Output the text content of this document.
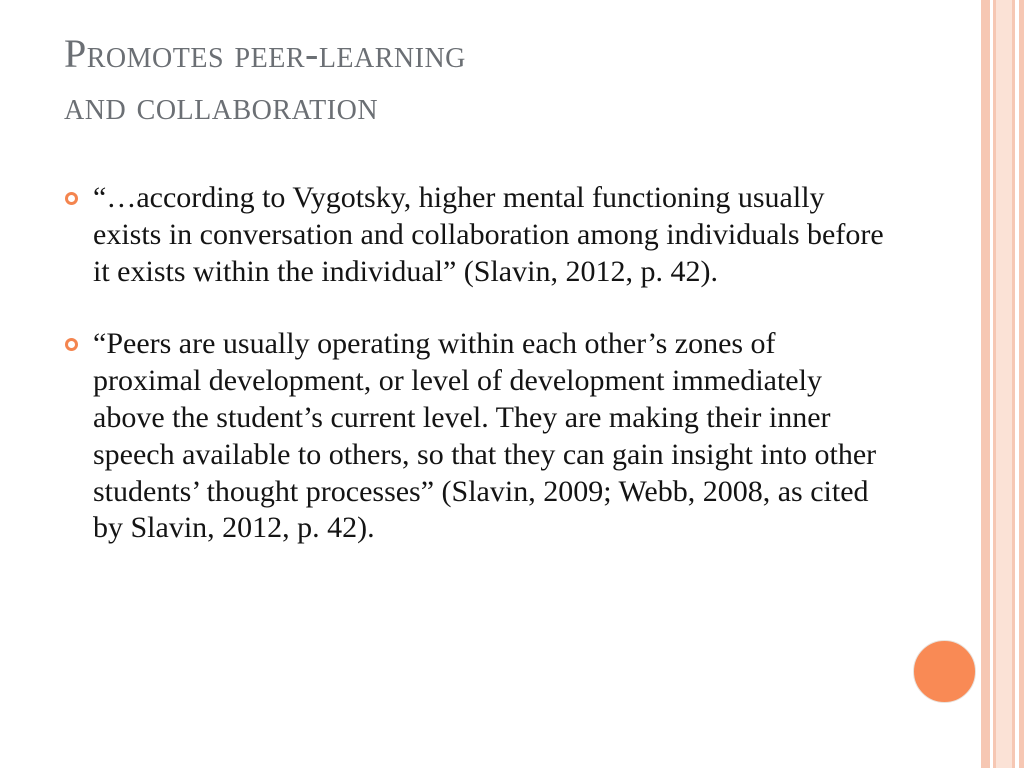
Promotes peer-learning
and collaboration
“…according to Vygotsky, higher mental functioning usually exists in conversation and collaboration among individuals before it exists within the individual” (Slavin, 2012, p. 42).
“Peers are usually operating within each other’s zones of proximal development, or level of development immediately above the student’s current level. They are making their inner speech available to others, so that they can gain insight into other students’ thought processes” (Slavin, 2009; Webb, 2008, as cited by Slavin, 2012, p. 42).
